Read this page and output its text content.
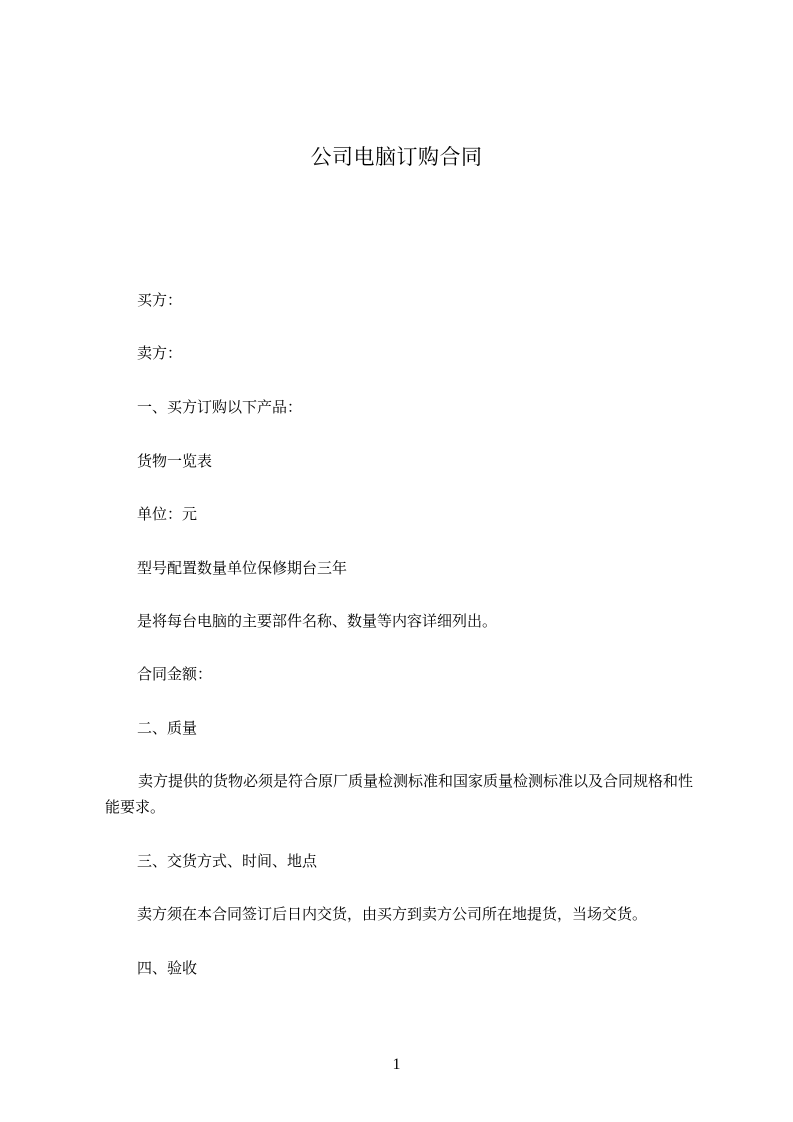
公司电脑订购合同
买方：
卖方：
一、买方订购以下产品：
货物一览表
单位：元
型号配置数量单位保修期台三年
是将每台电脑的主要部件名称、数量等内容详细列出。
合同金额：
二、质量
卖方提供的货物必须是符合原厂质量检测标准和国家质量检测标准以及合同规格和性能要求。
三、交货方式、时间、地点
卖方须在本合同签订后日内交货，由买方到卖方公司所在地提货，当场交货。
四、验收
1
